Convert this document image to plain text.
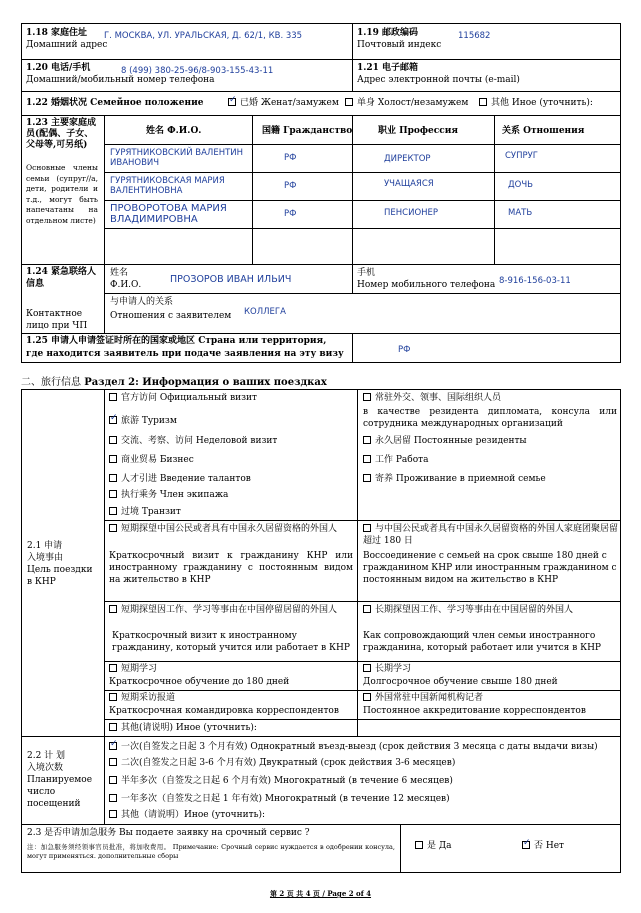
1.18 家庭住址
Домашний адрес
Г. МОСКВА, УЛ. УРАЛЬСКАЯ, Д. 62/1, КВ. 335	1.19 邮政编码
Почтовый индекс
115682
1.20 电话/手机
Домашний/мобильный номер телефона
8 (499) 380-25-96/8-903-155-43-11	1.21 电子邮箱
Адрес электронной почты (e-mail)
1.22 婚姻状况 Семейное положение ✓	已婚 Женат/замужем	单身 Холост/незамужем	其他 Иное (уточнить):
1.23 主要家庭成员(配偶、子女、父母等,可另纸)
Основные члены семьи (супруг//а, дети, родители и т.д., могут быть напечатаны на отдельном листе)
姓名 Ф.И.О.	国籍 Гражданство	职业 Профессия	关系 Отношения
ГУРЯТНИКОВСКИЙ ВАЛЕНТИН
ИВАНОВИЧ	РФ	ДИРЕКТОР	СУПРУГ
ГУРЯТНИКОВСКАЯ МАРИЯ
ВАЛЕНТИНОВНА	РФ	УЧАЩАЯСЯ	ДОЧЬ
ПРОВОРОТОВА МАРИЯ
ВЛАДИМИРОВНА	РФ	ПЕНСИОНЕР	МАТЬ
1.24 紧急联络人信息
Контактное лицо при ЧП
姓名
Ф.И.О.	ПРОЗОРОВ ИВАН ИЛЬИЧ
手机
Номер мобильного телефона 8-916-156-03-11
与申请人的关系
Отношения с заявителем КОЛЛЕГА
1.25 申请人申请签证时所在的国家或地区 Страна или территория,
где находится заявитель при подаче заявления на эту визу	РФ
二、旅行信息 Раздел 2: Информация о ваших поездках
2.1 申请
入境事由
Цель поездки
в КНР
官方访问 Официальный визит
✓旅游 Туризм
交流、考察、访问 Неделовой визит
商业贸易 Бизнес
人才引进 Введение талантов
执行乘务 Член экипажа
过境 Транзит
常驻外交、领事、国际组织人员
в качестве резидента дипломата, консула или сотрудника международных организаций
永久居留 Постоянные резиденты
工作 Работа
寄养 Проживание в приемной семье
短期探望中国公民或者具有中国永久居留资格的外国人
Краткосрочный визит к гражданину КНР или иностранному гражданину с постоянным видом на жительство в КНР
与中国公民或者具有中国永久居留资格的外国人家庭团聚居留超过 180 日
Воссоединение с семьей на срок свыше 180 дней с гражданином КНР или иностранным гражданином с постоянным видом на жительство в КНР
短期探望因工作、学习等事由在中国停留居留的外国人
Краткосрочный визит к иностранному гражданину, который учится или работает в КНР
长期探望因工作、学习等事由在中国居留的外国人
Как сопровождающий член семьи иностранного гражданина, который работает или учится в КНР
短期学习
Краткосрочное обучение до 180 дней
长期学习
Долгосрочное обучение свыше 180 дней
短期采访报道
Краткосрочная командировка корреспондентов
外国常驻中国新闻机构记者
Постоянное аккредитование корреспондентов
其他(请说明) Иное (уточнить):
2.2 计 划
入境次数
Планируемое
число
посещений
✓一次(自签发之日起 3 个月有效) Однократный въезд-выезд (срок действия 3 месяца с даты выдачи визы)
二次(自签发之日起 3-6 个月有效) Двукратный (срок действия 3-6 месяцев)
半年多次（自签发之日起 6 个月有效) Многократный (в течение 6 месяцев)
一年多次（自签发之日起 1 年有效) Многократный (в течение 12 месяцев)
其他（请说明）Иное (уточнить):
2.3 是否申请加急服务 Вы подаете заявку на срочный сервис ?
注：加急服务须经领事官员批准，将加收费用。 Примечание: Срочный сервис нуждается в одобрении консула, могут применяться. дополнительные сборы
是 Да ✓	否 Нет
第 2 页 共 4 页 / Page 2 of 4
